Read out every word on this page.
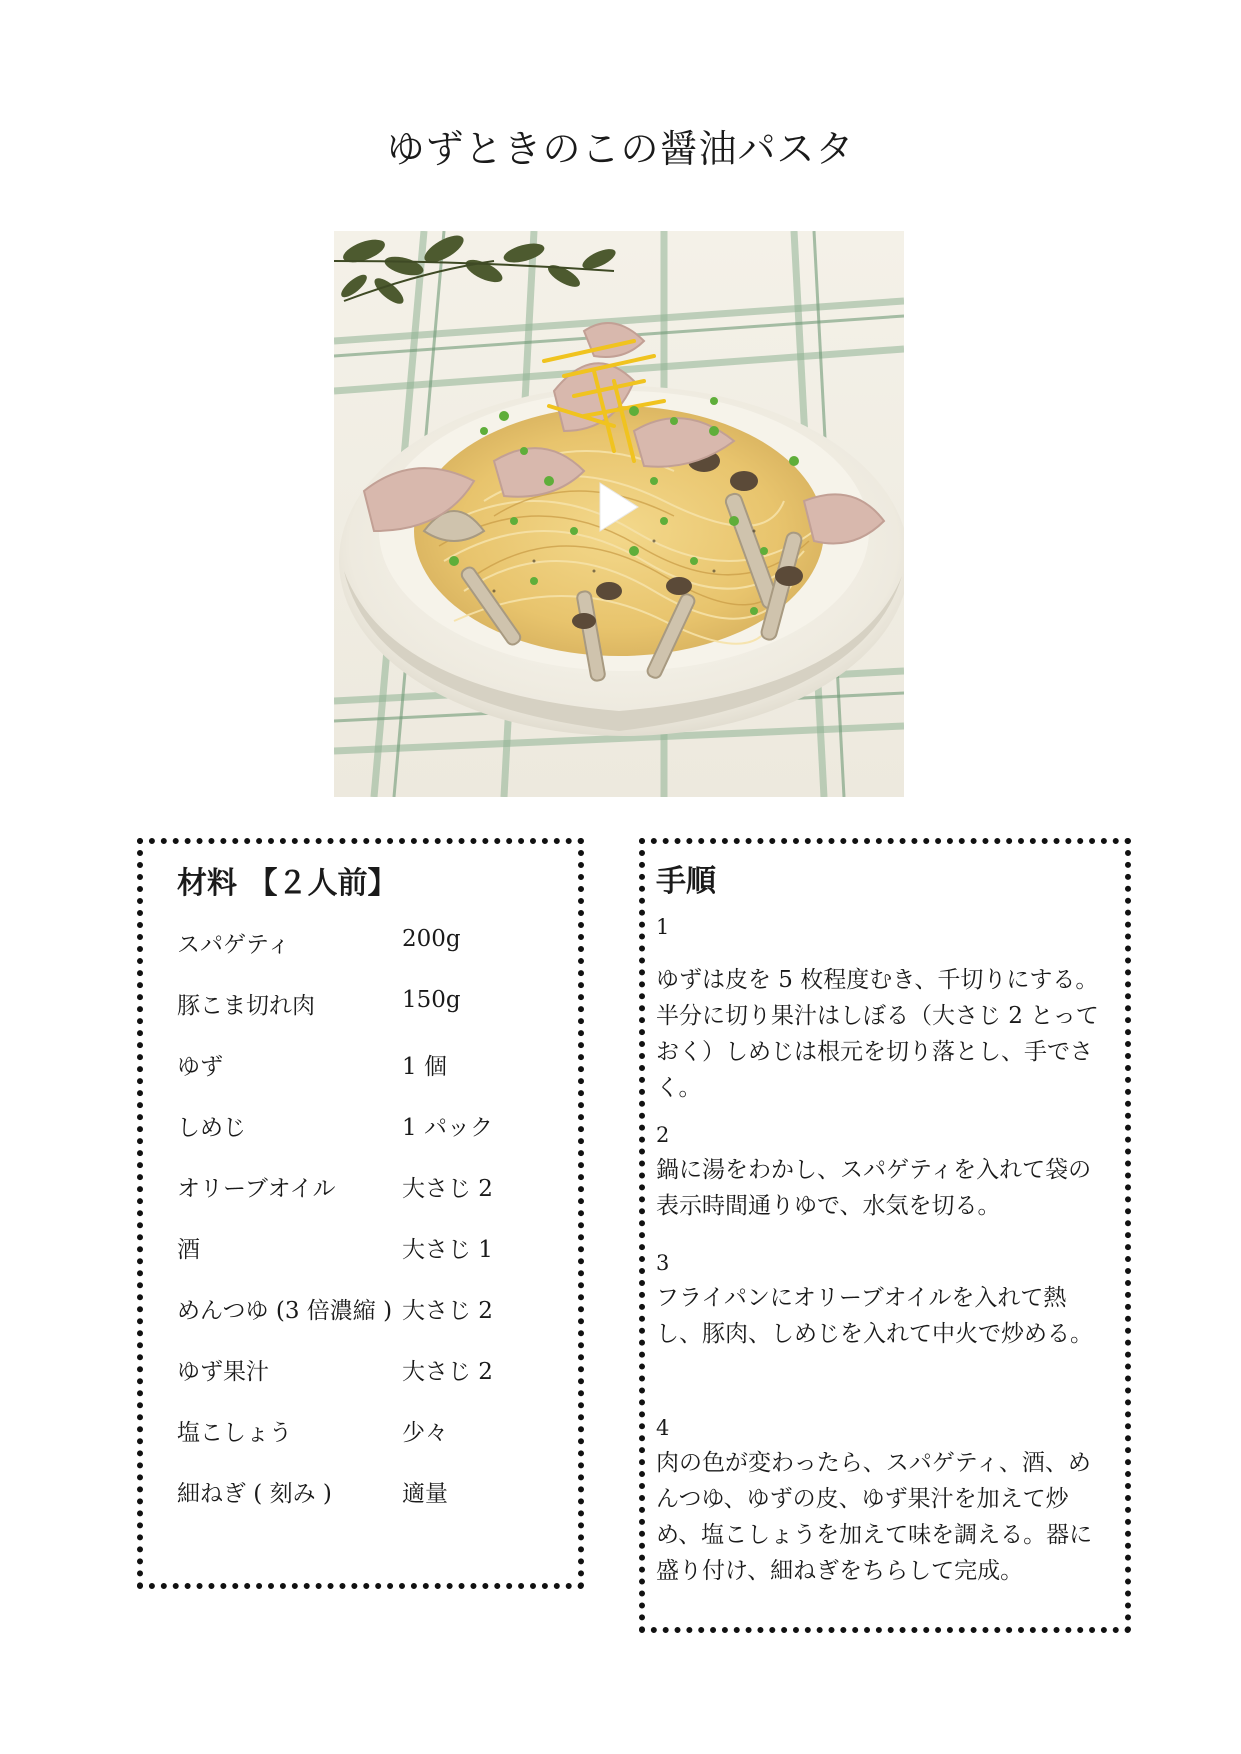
ゆずときのこの醤油パスタ
材料 【２人前】
スパゲティ	200g
豚こま切れ肉	150g
ゆず	1 個
しめじ	1 パック
オリーブオイル	大さじ 2
酒	大さじ 1
めんつゆ (3 倍濃縮 ) 大さじ 2
ゆず果汁	大さじ 2
塩こしょう	少々
細ねぎ ( 刻み )	適量
手順
1
ゆずは皮を 5 枚程度むき、千切りにする。半分に切り果汁はしぼる（大さじ 2 とっておく）しめじは根元を切り落とし、手でさく。
2
鍋に湯をわかし、スパゲティを入れて袋の表示時間通りゆで、水気を切る。
3
フライパンにオリーブオイルを入れて熱し、豚肉、しめじを入れて中火で炒める。
4
肉の色が変わったら、スパゲティ、酒、めんつゆ、ゆずの皮、ゆず果汁を加えて炒め、塩こしょうを加えて味を調える。器に盛り付け、細ねぎをちらして完成。
